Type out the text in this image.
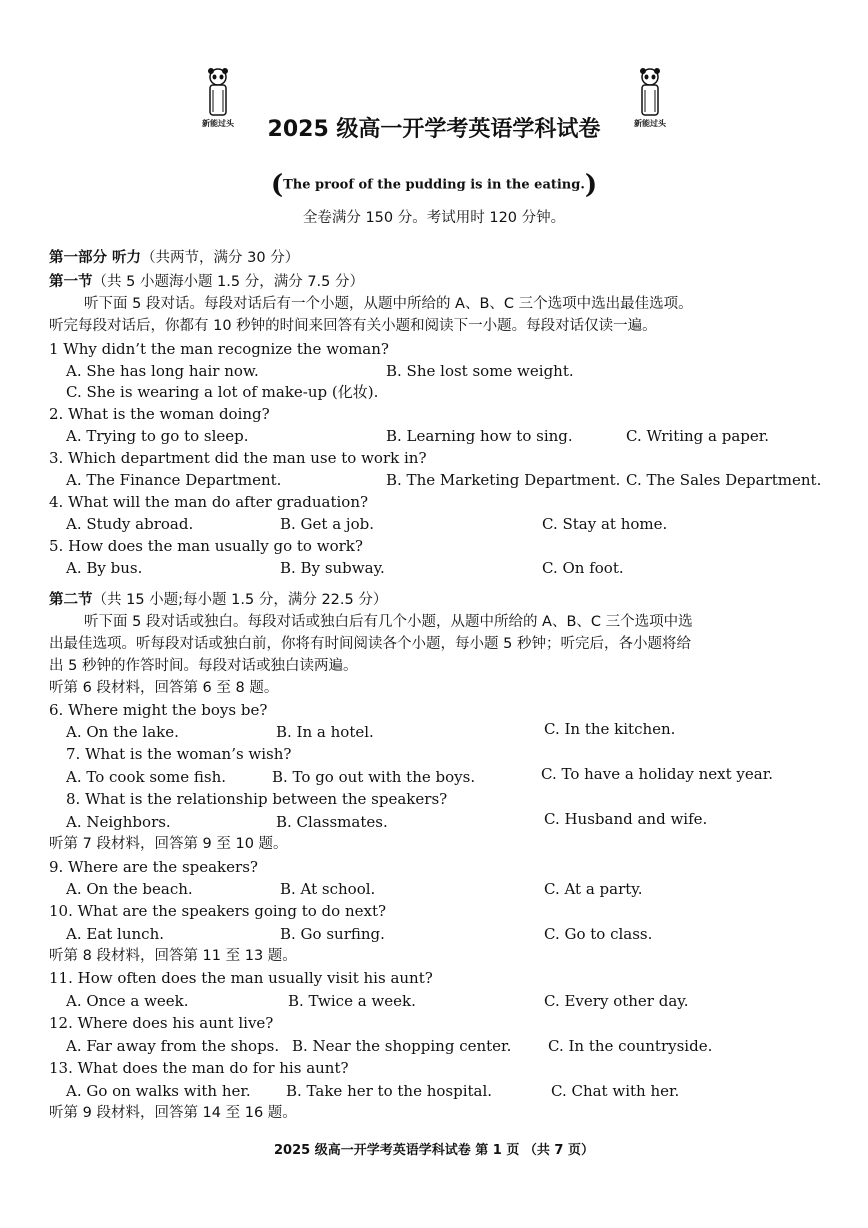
新能过头	新能过头
2025 级高一开学考英语学科试卷
(The proof of the pudding is in the eating.)
全卷满分 150 分。考试用时 120 分钟。
第一部分 听力（共两节，满分 30 分）
第一节（共 5 小题海小题 1.5 分，满分 7.5 分）
听下面 5 段对话。每段对话后有一个小题，从题中所给的 A、B、C 三个选项中选出最佳选项。
听完每段对话后，你都有 10 秒钟的时间来回答有关小题和阅读下一小题。每段对话仅读一遍。
1 Why didn’t the man recognize the woman?
A. She has long hair now.	B. She lost some weight.
C. She is wearing a lot of make-up (化妆).
2. What is the woman doing?
A. Trying to go to sleep.	B. Learning how to sing.	C. Writing a paper.
3. Which department did the man use to work in?
A. The Finance Department.	B. The Marketing Department. C. The Sales Department.
4. What will the man do after graduation?
A. Study abroad.	B. Get a job.	C. Stay at home.
5. How does the man usually go to work?
A. By bus.	B. By subway.	C. On foot.
第二节（共 15 小题;每小题 1.5 分，满分 22.5 分）
听下面 5 段对话或独白。每段对话或独白后有几个小题，从题中所给的 A、B、C 三个选项中选
出最佳选项。听每段对话或独白前，你将有时间阅读各个小题，每小题 5 秒钟；听完后，各小题将给
出 5 秒钟的作答时间。每段对话或独白读两遍。
听第 6 段材料，回答第 6 至 8 题。
6. Where might the boys be?
A. On the lake.	B. In a hotel.	C. In the kitchen.
7. What is the woman’s wish?
A. To cook some fish.	B. To go out with the boys.	C. To have a holiday next year.
8. What is the relationship between the speakers?
A. Neighbors.	B. Classmates.	C. Husband and wife.
听第 7 段材料，回答第 9 至 10 题。
9. Where are the speakers?
A. On the beach.	B. At school.	C. At a party.
10. What are the speakers going to do next?
A. Eat lunch.	B. Go surfing.	C. Go to class.
听第 8 段材料，回答第 11 至 13 题。
11. How often does the man usually visit his aunt?
A. Once a week.	B. Twice a week.	C. Every other day.
12. Where does his aunt live?
A. Far away from the shops. B. Near the shopping center. C. In the countryside.
13. What does the man do for his aunt?
A. Go on walks with her. B. Take her to the hospital.	C. Chat with her.
听第 9 段材料，回答第 14 至 16 题。
2025 级高一开学考英语学科试卷 第 1 页 （共 7 页）
